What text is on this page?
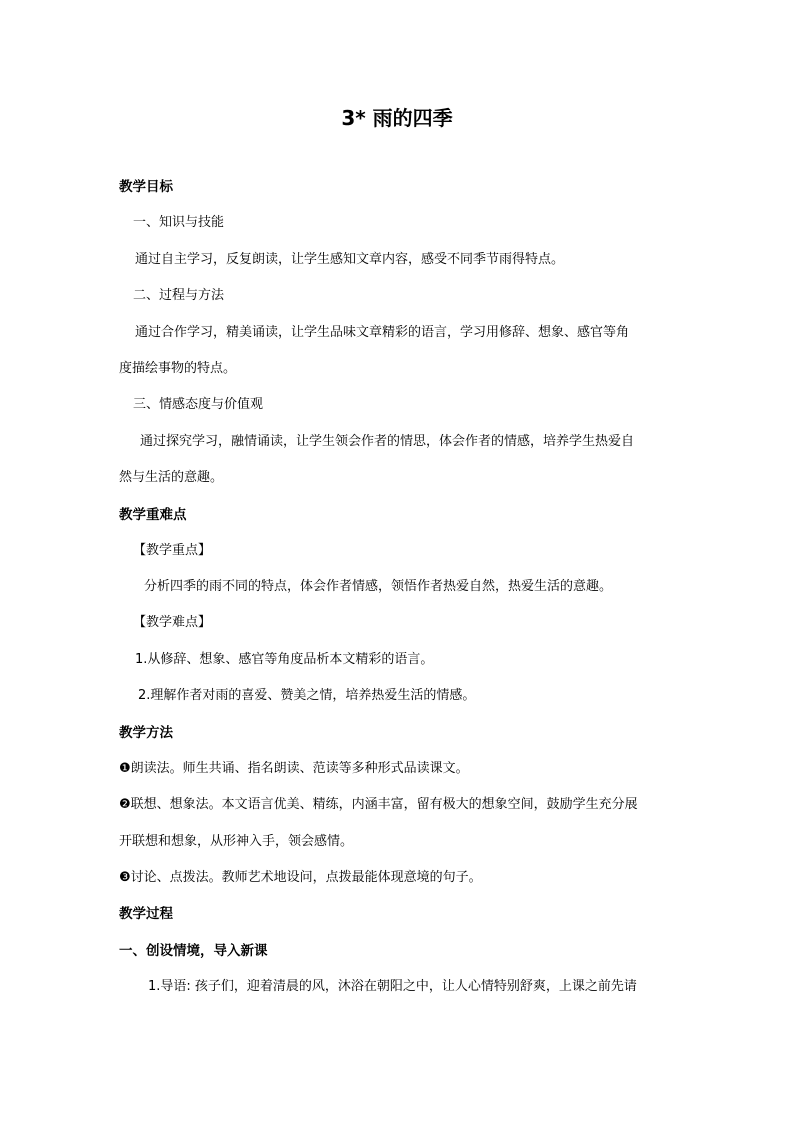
3* 雨的四季
教学目标
一、知识与技能
通过自主学习，反复朗读，让学生感知文章内容，感受不同季节雨得特点。
二、过程与方法
通过合作学习，精美诵读，让学生品味文章精彩的语言，学习用修辞、想象、感官等角
度描绘事物的特点。
三、情感态度与价值观
通过探究学习，融情诵读，让学生领会作者的情思，体会作者的情感，培养学生热爱自
然与生活的意趣。
教学重难点
【教学重点】
分析四季的雨不同的特点，体会作者情感，领悟作者热爱自然，热爱生活的意趣。
【教学难点】
1.从修辞、想象、感官等角度品析本文精彩的语言。
2.理解作者对雨的喜爱、赞美之情，培养热爱生活的情感。
教学方法
❶朗读法。师生共诵、指名朗读、范读等多种形式品读课文。
❷联想、想象法。本文语言优美、精练，内涵丰富，留有极大的想象空间，鼓励学生充分展
开联想和想象，从形神入手，领会感情。
❸讨论、点拨法。教师艺术地设问，点拨最能体现意境的句子。
教学过程
一、创设情境，导入新课
1.导语: 孩子们，迎着清晨的风，沐浴在朝阳之中，让人心情特别舒爽，上课之前先请
